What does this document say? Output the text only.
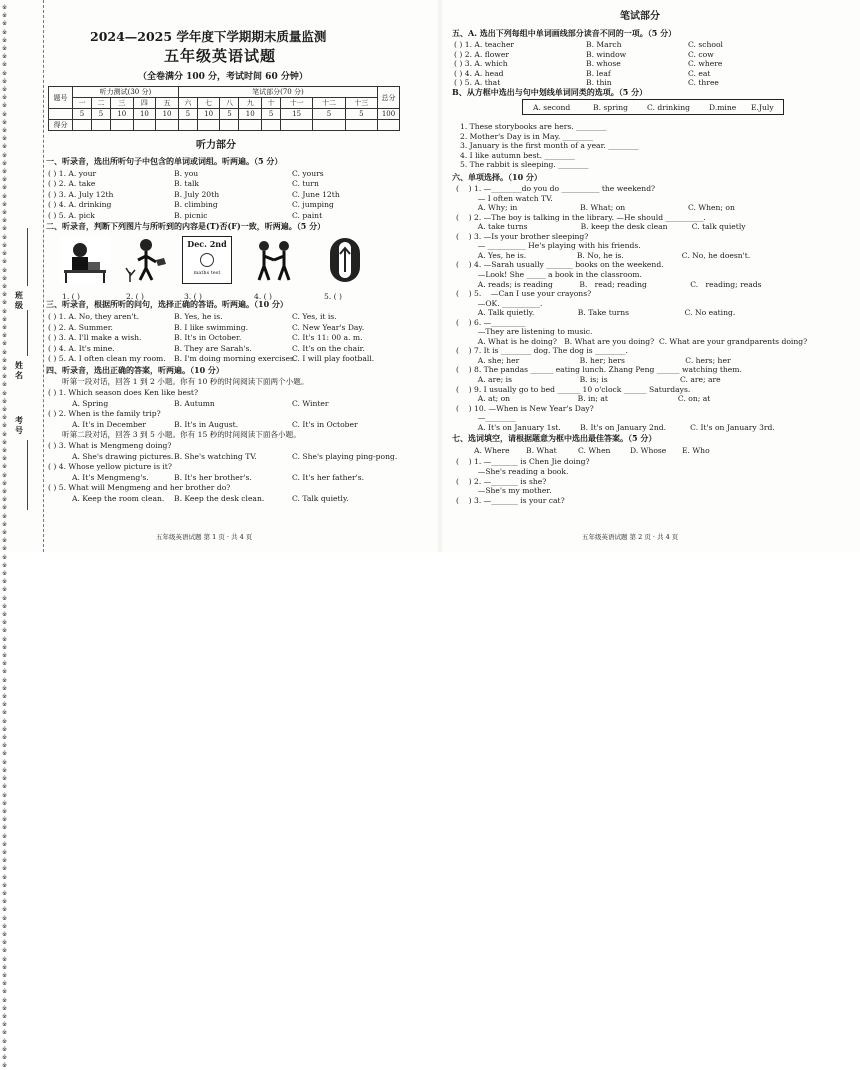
※※※※※※※※※※※※※※※※※※※※※※※※※※※※※※※※※※※※※※※※※※※※※※※※※※※※※※※※※※※※※※※※※※※※※※※※※※※※※※※※※※※※※※※※※※※※※※※※※※※※※※※※※※※※※※※※※※※※※※※※※※※※※※※※※※
班级
姓名
考号
2024—2025 学年度下学期期末质量监测
五年级英语试题
（全卷满分 100 分，考试时间 60 分钟）
题号	听力测试(30 分)					笔试部分(70 分)								总分
	一	二	三	四	五	六	七	八	九	十	十一	十二	十三	
	5	5	10	10	10	5	10	5	10	5	15	5	5	100
得分														
听力部分
一、听录音，选出所听句子中包含的单词或词组。听两遍。（5 分）
( ) 1. A. your	B. you	C. yours
( ) 2. A. take	B. talk	C. turn
( ) 3. A. July 12th	B. July 20th	C. June 12th
( ) 4. A. drinking	B. climbing	C. jumping
( ) 5. A. pick	B. picnic	C. paint
二、听录音，判断下列图片与所听到的内容是(T)否(F)一致，听两遍。（5 分）
Dec. 2nd
maths test
1. ( )	2. ( )	3. ( )	4. ( )	5. ( )
三、听录音，根据所听的问句，选择正确的答语。听两遍。（10 分）
( ) 1. A. No, they aren't.	B. Yes, he is.	C. Yes, it is.
( ) 2. A. Summer.	B. I like swimming.	C. New Year's Day.
( ) 3. A. I'll make a wish.	B. It's in October.	C. It's 11: 00 a. m.
( ) 4. A. It's mine.	B. They are Sarah's.	C. It's on the chair.
( ) 5. A. I often clean my room. B. I'm doing morning exercises.
C. I will play football.
四、听录音，选出正确的答案，听两遍。（10 分）
听第一段对话，回答 1 到 2 小题。你有 10 秒的时间阅读下面两个小题。
( ) 1. Which season does Ken like best?
A. Spring	B. Autumn	C. Winter
( ) 2. When is the family trip?
A. It's in December	B. It's in August.	C. It's in October
听第二段对话，回答 3 到 5 小题。你有 15 秒的时间阅读下面各小题。
( ) 3. What is Mengmeng doing?
A. She's drawing pictures. B. She's watching TV.	C. She's playing ping-pong.
( ) 4. Whose yellow picture is it?
A. It's Mengmeng's.	B. It's her brother's.	C. It's her father's.
( ) 5. What will Mengmeng and her brother do?
A. Keep the room clean. B. Keep the desk clean.	C. Talk quietly.
五年级英语试题 第 1 页 · 共 4 页
笔试部分
五、A. 选出下列每组中单词画线部分读音不同的一项。（5 分）
( ) 1. A. teacher	B. March	C. school
( ) 2. A. flower	B. window	C. cow
( ) 3. A. which	B. whose	C. where
( ) 4. A. head	B. leaf	C. eat
( ) 5. A. that	B. thin	C. three
B、从方框中选出与句中划线单词同类的选项。（5 分）
A. second	B. spring	C. drinking	D.mine E.July
1. These storybooks are hers. ________
2. Mother's Day is in May. ________
3. January is the first month of a year. ________
4. I like autumn best. ________
5. The rabbit is sleeping. ________
六、单项选择。（10 分）
(    ) 1. —________do you do __________ the weekend?
— I often watch TV.
A. Why; in                          B. What; on                          C. When; on
(    ) 2. —The boy is talking in the library. —He should __________.
A. take turns                      B. keep the desk clean          C. talk quietly
(    ) 3. —Is your brother sleeping?
— __________ He's playing with his friends.
A. Yes, he is.                     B. No, he is.                        C. No, he doesn't.
(    ) 4. —Sarah usually _______ books on the weekend.
—Look! She _____ a book in the classroom.
A. reads; is reading           B.   read; reading                  C.   reading; reads
(    ) 5.    —Can I use your crayons?
—OK. __________.
A. Talk quietly.                  B. Take turns                       C. No eating.
(    ) 6. —_________
—They are listening to music.
A. What is he doing?   B. What are you doing?  C. What are your grandparents doing?
(    ) 7. It is ________ dog. The dog is ________.
A. she; her                         B. her; hers                         C. hers; her
(    ) 8. The pandas ______ eating lunch. Zhang Peng ______ watching them.
A. are; is                            B. is; is                              C. are; are
(    ) 9. I usually go to bed ______ 10 o'clock ______ Saturdays.
A. at; on                            B. in; at                             C. on; at
(    ) 10. —When is New Year's Day?
—________
A. It's on January 1st.        B. It's on January 2nd.          C. It's on January 3rd.
七、选词填空，请根据题意为框中选出最佳答案。（5 分）
A. Where B. What	C. When	D. Whose E. Who
(    ) 1. —_______ is Chen Jie doing?
—She's reading a book.
(    ) 2. —_______ is she?
—She's my mother.
(    ) 3. —_______ is your cat?
五年级英语试题 第 2 页 · 共 4 页
